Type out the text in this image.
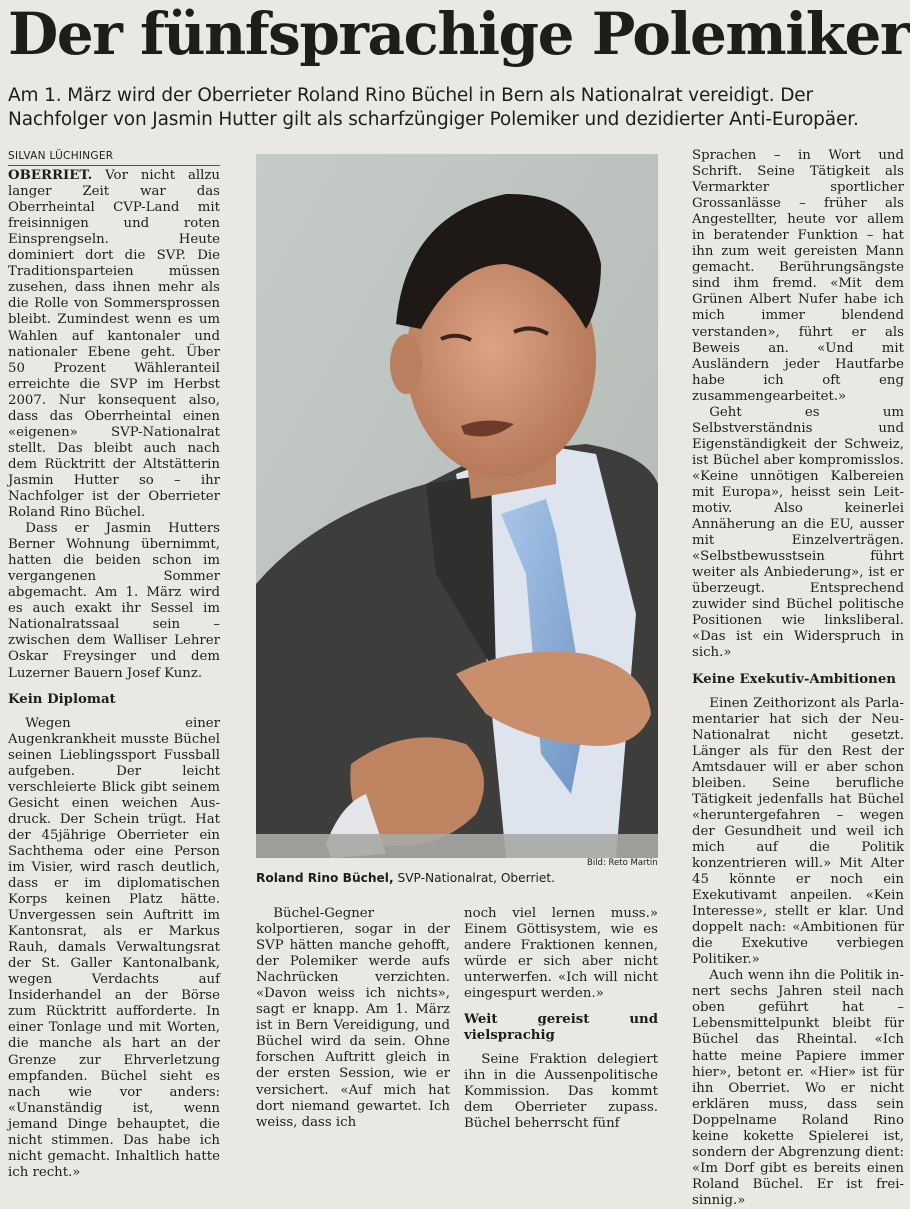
Der fünfsprachige Polemiker

Am 1. März wird der Oberrieter Roland Rino Büchel in Bern als Nationalrat vereidigt. Der Nachfolger von Jasmin Hutter gilt als scharfzüngiger Polemiker und dezidierter Anti-Europäer.

SILVAN LÜCHINGER

OBERRIET. Vor nicht allzu langer Zeit war das Oberrheintal CVP-Land mit freisinnigen und roten Einsprengseln. Heute dominiert dort die SVP. Die Traditionsparteien müssen zusehen, dass ihnen mehr als die Rolle von Sommersprossen bleibt. Zumindest wenn es um Wahlen auf kantonaler und nationaler Ebene geht. Über 50 Prozent Wähleranteil erreichte die SVP im Herbst 2007. Nur konsequent also, dass das Oberrheintal einen «eigenen» SVP-Nationalrat stellt. Das bleibt auch nach dem Rücktritt der Altstätterin Jasmin Hutter so – ihr Nachfolger ist der Oberrieter Roland Rino Büchel.

Dass er Jasmin Hutters Berner Wohnung übernimmt, hatten die beiden schon im vergangenen Sommer abgemacht. Am 1. März wird es auch exakt ihr Sessel im Nationalratssaal sein – zwischen dem Walliser Lehrer Oskar Freysinger und dem Luzerner Bauern Josef Kunz.

Kein Diplomat

Wegen einer Augenkrankheit musste Büchel seinen Lieblingssport Fussball aufgeben. Der leicht verschleierte Blick gibt seinem Gesicht einen weichen Ausdruck. Der Schein trügt. Hat der 45jährige Oberrieter ein Sachthema oder eine Person im Visier, wird rasch deutlich, dass er im diplomatischen Korps keinen Platz hätte. Unvergessen sein Auftritt im Kantonsrat, als er Markus Rauh, damals Verwaltungsrat der St. Galler Kantonalbank, wegen Verdachts auf Insiderhandel an der Börse zum Rücktritt aufforderte. In einer Tonlage und mit Worten, die manche als hart an der Grenze zur Ehrverletzung empfanden. Büchel sieht es nach wie vor anders: «Unanständig ist, wenn jemand Dinge behauptet, die nicht stimmen. Das habe ich nicht gemacht. Inhaltlich hatte ich recht.»

Bild: Reto Martin
Roland Rino Büchel, SVP-Nationalrat, Oberriet.

Büchel-Gegner kolportieren, sogar in der SVP hätten manche gehofft, der Polemiker werde aufs Nachrücken verzichten. «Davon weiss ich nichts», sagt er knapp. Am 1. März ist in Bern Vereidigung, und Büchel wird da sein. Ohne forschen Auftritt gleich in der ersten Session, wie er versichert. «Auf mich hat dort niemand gewartet. Ich weiss, dass ich

noch viel lernen muss.» Einem Göttisystem, wie es andere Fraktionen kennen, würde er sich aber nicht unterwerfen. «Ich will nicht eingespurt werden.»

Weit gereist und vielsprachig

Seine Fraktion delegiert ihn in die Aussenpolitische Kommission. Das kommt dem Oberrieter zupass. Büchel beherrscht fünf

Sprachen – in Wort und Schrift. Seine Tätigkeit als Vermarkter sportlicher Grossanlässe – früher als Angestellter, heute vor allem in beratender Funktion – hat ihn zum weit gereisten Mann gemacht. Berührungsängste sind ihm fremd. «Mit dem Grünen Albert Nufer habe ich mich immer blendend verstanden», führt er als Beweis an. «Und mit Ausländern jeder Hautfarbe habe ich oft eng zusammengearbeitet.»

Geht es um Selbstverständnis und Eigenständigkeit der Schweiz, ist Büchel aber kompromisslos. «Keine unnötigen Kalbereien mit Europa», heisst sein Leitmotiv. Also keinerlei Annäherung an die EU, ausser mit Einzelverträgen. «Selbstbewusstsein führt weiter als Anbiederung», ist er überzeugt. Entsprechend zuwider sind Büchel politische Positionen wie linksliberal. «Das ist ein Widerspruch in sich.»

Keine Exekutiv-Ambitionen

Einen Zeithorizont als Parlamentarier hat sich der Neu-Nationalrat nicht gesetzt. Länger als für den Rest der Amtsdauer will er aber schon bleiben. Seine berufliche Tätigkeit jedenfalls hat Büchel «heruntergefahren – wegen der Gesundheit und weil ich mich auf die Politik konzentrieren will.» Mit Alter 45 könnte er noch ein Exekutivamt anpeilen. «Kein Interesse», stellt er klar. Und doppelt nach: «Ambitionen für die Exekutive verbiegen Politiker.»

Auch wenn ihn die Politik innert sechs Jahren steil nach oben geführt hat – Lebensmittelpunkt bleibt für Büchel das Rheintal. «Ich hatte meine Papiere immer hier», betont er. «Hier» ist für ihn Oberriet. Wo er nicht erklären muss, dass sein Doppelname Roland Rino keine kokette Spielerei ist, sondern der Abgrenzung dient: «Im Dorf gibt es bereits einen Roland Büchel. Er ist freisinnig.»
